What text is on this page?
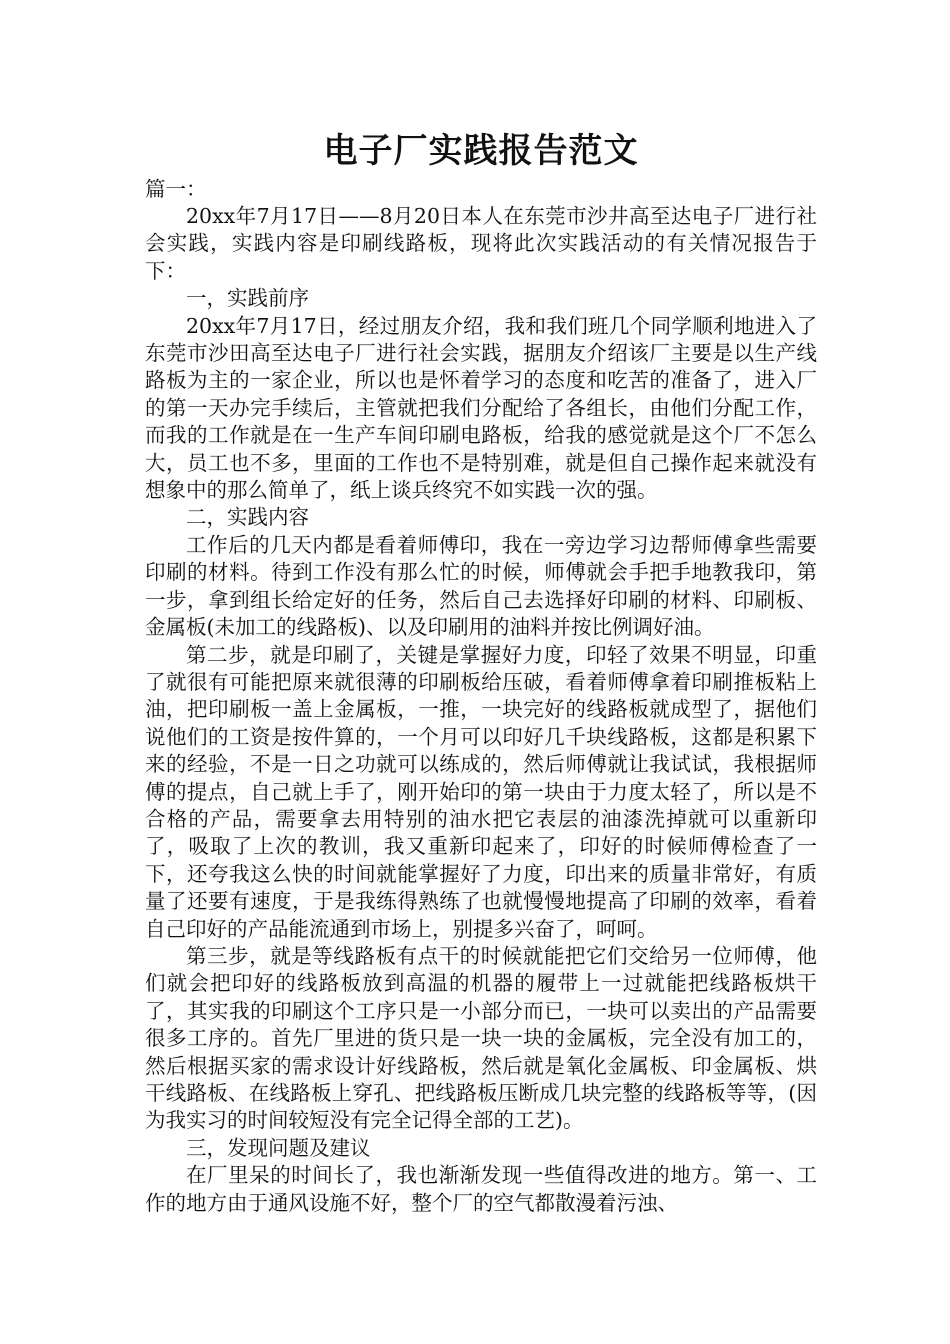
电子厂实践报告范文

篇一：

20xx年7月17日——8月20日本人在东莞市沙井高至达电子厂进行社会实践，实践内容是印刷线路板，现将此次实践活动的有关情况报告于下：

一，实践前序

20xx年7月17日，经过朋友介绍，我和我们班几个同学顺利地进入了东莞市沙田高至达电子厂进行社会实践，据朋友介绍该厂主要是以生产线路板为主的一家企业，所以也是怀着学习的态度和吃苦的准备了，进入厂的第一天办完手续后，主管就把我们分配给了各组长，由他们分配工作，而我的工作就是在一生产车间印刷电路板，给我的感觉就是这个厂不怎么大，员工也不多，里面的工作也不是特别难，就是但自己操作起来就没有想象中的那么简单了，纸上谈兵终究不如实践一次的强。

二，实践内容

工作后的几天内都是看着师傅印，我在一旁边学习边帮师傅拿些需要印刷的材料。待到工作没有那么忙的时候，师傅就会手把手地教我印，第一步，拿到组长给定好的任务，然后自己去选择好印刷的材料、印刷板、金属板(未加工的线路板)、以及印刷用的油料并按比例调好油。

第二步，就是印刷了，关键是掌握好力度，印轻了效果不明显，印重了就很有可能把原来就很薄的印刷板给压破，看着师傅拿着印刷推板粘上油，把印刷板一盖上金属板，一推，一块完好的线路板就成型了，据他们说他们的工资是按件算的，一个月可以印好几千块线路板，这都是积累下来的经验，不是一日之功就可以练成的，然后师傅就让我试试，我根据师傅的提点，自己就上手了，刚开始印的第一块由于力度太轻了，所以是不合格的产品，需要拿去用特别的油水把它表层的油漆洗掉就可以重新印了，吸取了上次的教训，我又重新印起来了，印好的时候师傅检查了一下，还夸我这么快的时间就能掌握好了力度，印出来的质量非常好，有质量了还要有速度，于是我练得熟练了也就慢慢地提高了印刷的效率，看着自己印好的产品能流通到市场上，别提多兴奋了，呵呵。

第三步，就是等线路板有点干的时候就能把它们交给另一位师傅，他们就会把印好的线路板放到高温的机器的履带上一过就能把线路板烘干了，其实我的印刷这个工序只是一小部分而已，一块可以卖出的产品需要很多工序的。首先厂里进的货只是一块一块的金属板，完全没有加工的，然后根据买家的需求设计好线路板，然后就是氧化金属板、印金属板、烘干线路板、在线路板上穿孔、把线路板压断成几块完整的线路板等等，(因为我实习的时间较短没有完全记得全部的工艺)。

三，发现问题及建议

在厂里呆的时间长了，我也渐渐发现一些值得改进的地方。第一、工作的地方由于通风设施不好，整个厂的空气都散漫着污浊、
